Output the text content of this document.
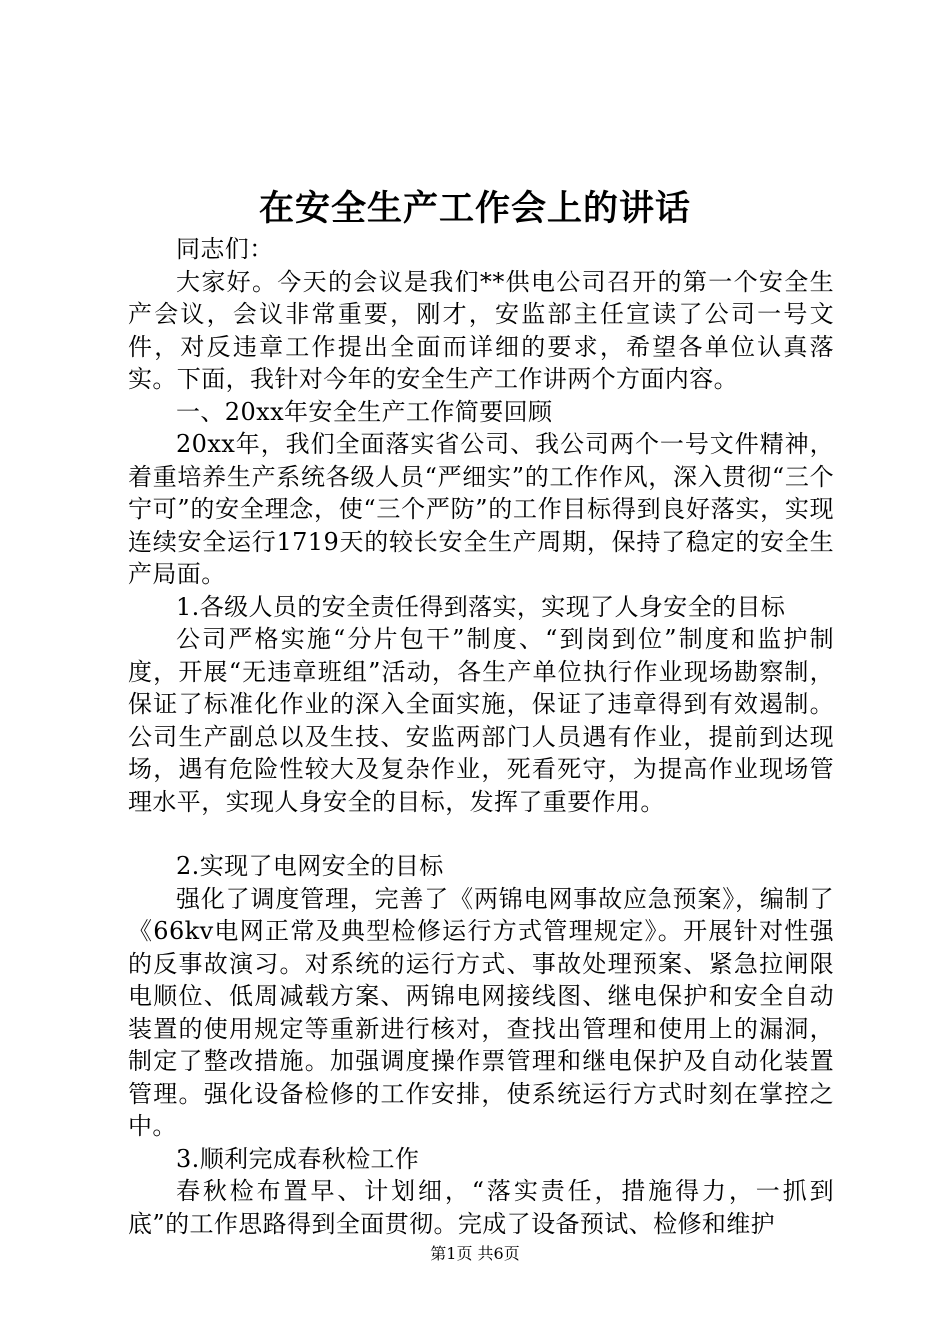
在安全生产工作会上的讲话

同志们：

大家好。今天的会议是我们**供电公司召开的第一个安全生产会议，会议非常重要，刚才，安监部主任宣读了公司一号文件，对反违章工作提出全面而详细的要求，希望各单位认真落实。下面，我针对今年的安全生产工作讲两个方面内容。

一、20xx年安全生产工作简要回顾

20xx年，我们全面落实省公司、我公司两个一号文件精神，着重培养生产系统各级人员“严细实”的工作作风，深入贯彻“三个宁可”的安全理念，使“三个严防”的工作目标得到良好落实，实现连续安全运行1719天的较长安全生产周期，保持了稳定的安全生产局面。

1.各级人员的安全责任得到落实，实现了人身安全的目标

公司严格实施“分片包干”制度、“到岗到位”制度和监护制度，开展“无违章班组”活动，各生产单位执行作业现场勘察制，保证了标准化作业的深入全面实施，保证了违章得到有效遏制。公司生产副总以及生技、安监两部门人员遇有作业，提前到达现场，遇有危险性较大及复杂作业，死看死守，为提高作业现场管理水平，实现人身安全的目标，发挥了重要作用。

2.实现了电网安全的目标

强化了调度管理，完善了《两锦电网事故应急预案》，编制了《66kv电网正常及典型检修运行方式管理规定》。开展针对性强的反事故演习。对系统的运行方式、事故处理预案、紧急拉闸限电顺位、低周减载方案、两锦电网接线图、继电保护和安全自动装置的使用规定等重新进行核对，查找出管理和使用上的漏洞，制定了整改措施。加强调度操作票管理和继电保护及自动化装置管理。强化设备检修的工作安排，使系统运行方式时刻在掌控之中。

3.顺利完成春秋检工作

春秋检布置早、计划细，“落实责任，措施得力，一抓到底”的工作思路得到全面贯彻。完成了设备预试、检修和维护

第1页 共6页
